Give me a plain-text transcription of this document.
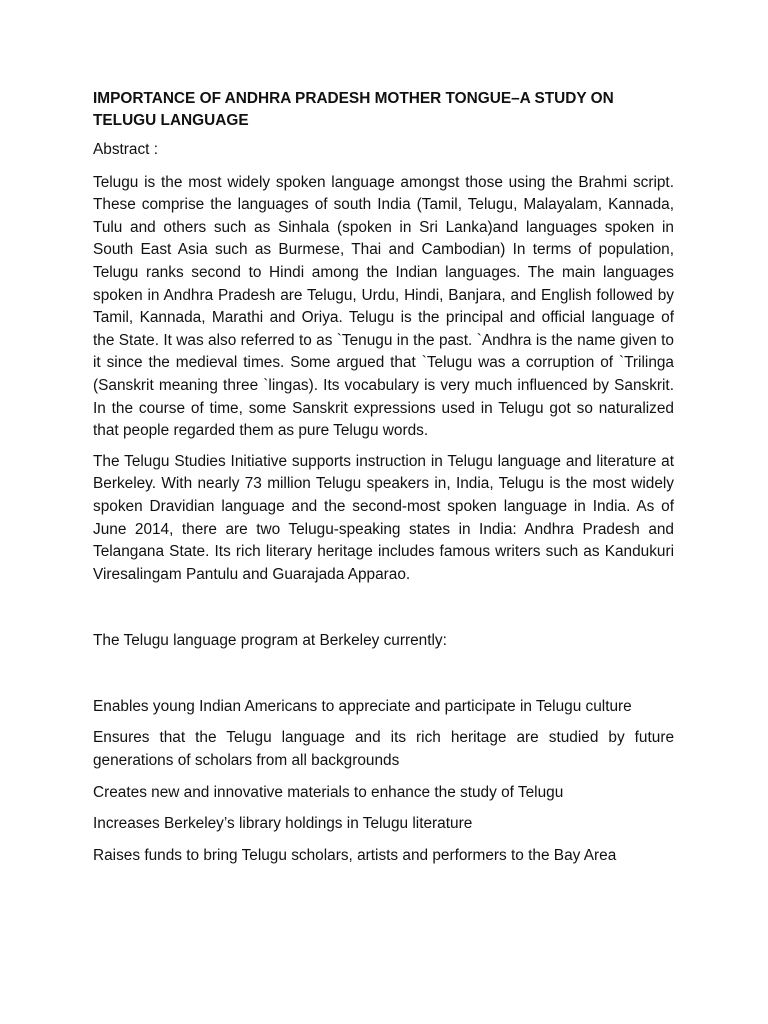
IMPORTANCE OF ANDHRA PRADESH MOTHER TONGUE–A STUDY ON TELUGU LANGUAGE
Abstract :

Telugu is the most widely spoken language amongst those using the Brahmi script. These comprise the languages of south India (Tamil, Telugu, Malayalam, Kannada, Tulu and others such as Sinhala (spoken in Sri Lanka)and languages spoken in South East Asia such as Burmese, Thai and Cambodian) In terms of population, Telugu ranks second to Hindi among the Indian languages. The main languages spoken in Andhra Pradesh are Telugu, Urdu, Hindi, Banjara, and English followed by Tamil, Kannada, Marathi and Oriya. Telugu is the principal and official language of the State. It was also referred to as `Tenugu in the past. `Andhra is the name given to it since the medieval times. Some argued that `Telugu was a corruption of `Trilinga (Sanskrit meaning three `lingas). Its vocabulary is very much influenced by Sanskrit. In the course of time, some Sanskrit expressions used in Telugu got so naturalized that people regarded them as pure Telugu words.

The Telugu Studies Initiative supports instruction in Telugu language and literature at Berkeley. With nearly 73 million Telugu speakers in, India, Telugu is the most widely spoken Dravidian language and the second-most spoken language in India. As of June 2014, there are two Telugu-speaking states in India: Andhra Pradesh and Telangana State. Its rich literary heritage includes famous writers such as Kandukuri Viresalingam Pantulu and Guarajada Apparao.

The Telugu language program at Berkeley currently:
Enables young Indian Americans to appreciate and participate in Telugu culture
Ensures that the Telugu language and its rich heritage are studied by future generations of scholars from all backgrounds
Creates new and innovative materials to enhance the study of Telugu
Increases Berkeley’s library holdings in Telugu literature
Raises funds to bring Telugu scholars, artists and performers to the Bay Area
